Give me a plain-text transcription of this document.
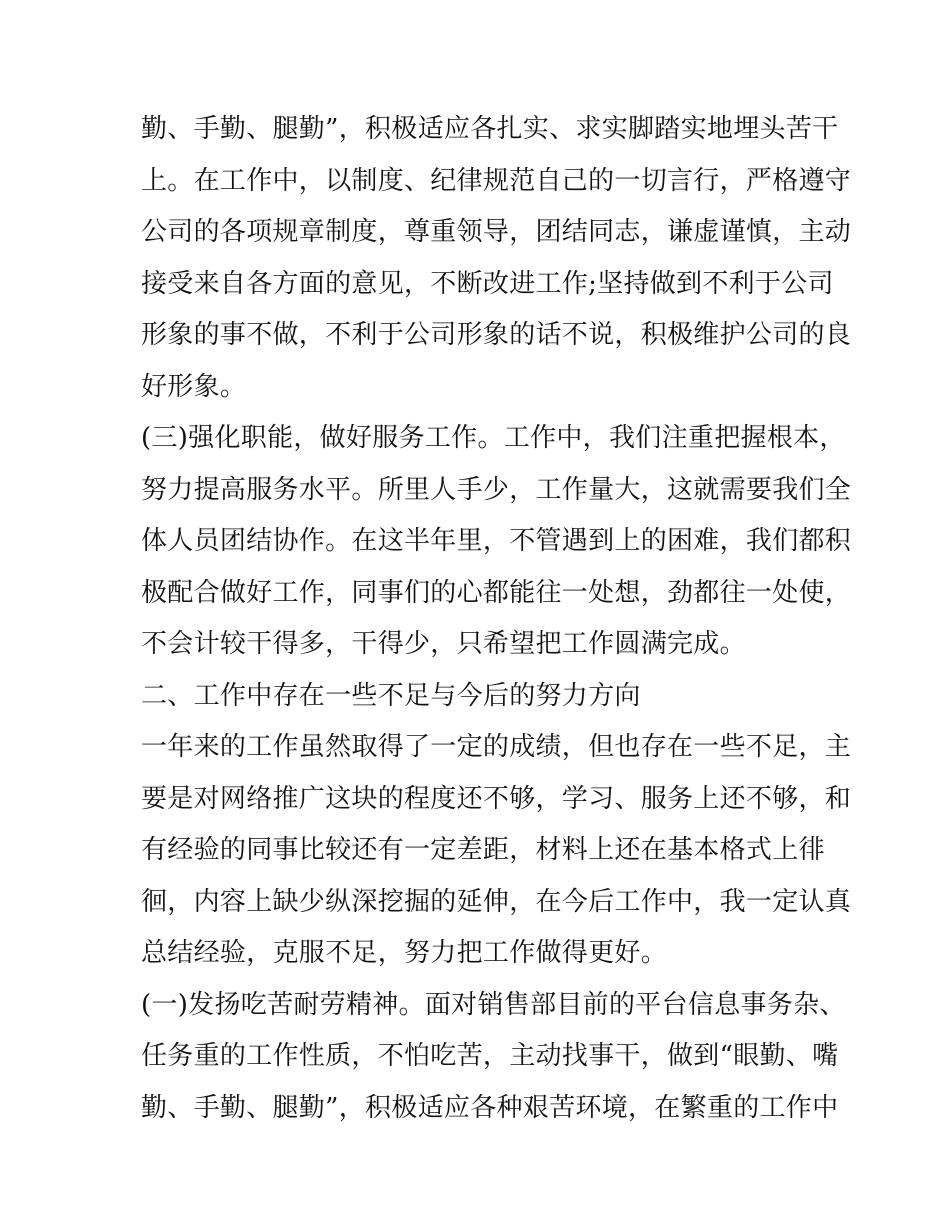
勤、手勤、腿勤”，积极适应各扎实、求实脚踏实地埋头苦干
上。在工作中，以制度、纪律规范自己的一切言行，严格遵守
公司的各项规章制度，尊重领导，团结同志，谦虚谨慎，主动
接受来自各方面的意见，不断改进工作;坚持做到不利于公司
形象的事不做，不利于公司形象的话不说，积极维护公司的良
好形象。
(三)强化职能，做好服务工作。工作中，我们注重把握根本，
努力提高服务水平。所里人手少，工作量大，这就需要我们全
体人员团结协作。在这半年里，不管遇到上的困难，我们都积
极配合做好工作，同事们的心都能往一处想，劲都往一处使，
不会计较干得多，干得少，只希望把工作圆满完成。
二、工作中存在一些不足与今后的努力方向
一年来的工作虽然取得了一定的成绩，但也存在一些不足，主
要是对网络推广这块的程度还不够，学习、服务上还不够，和
有经验的同事比较还有一定差距，材料上还在基本格式上徘
徊，内容上缺少纵深挖掘的延伸，在今后工作中，我一定认真
总结经验，克服不足，努力把工作做得更好。
(一)发扬吃苦耐劳精神。面对销售部目前的平台信息事务杂、
任务重的工作性质，不怕吃苦，主动找事干，做到“眼勤、嘴
勤、手勤、腿勤”，积极适应各种艰苦环境，在繁重的工作中
